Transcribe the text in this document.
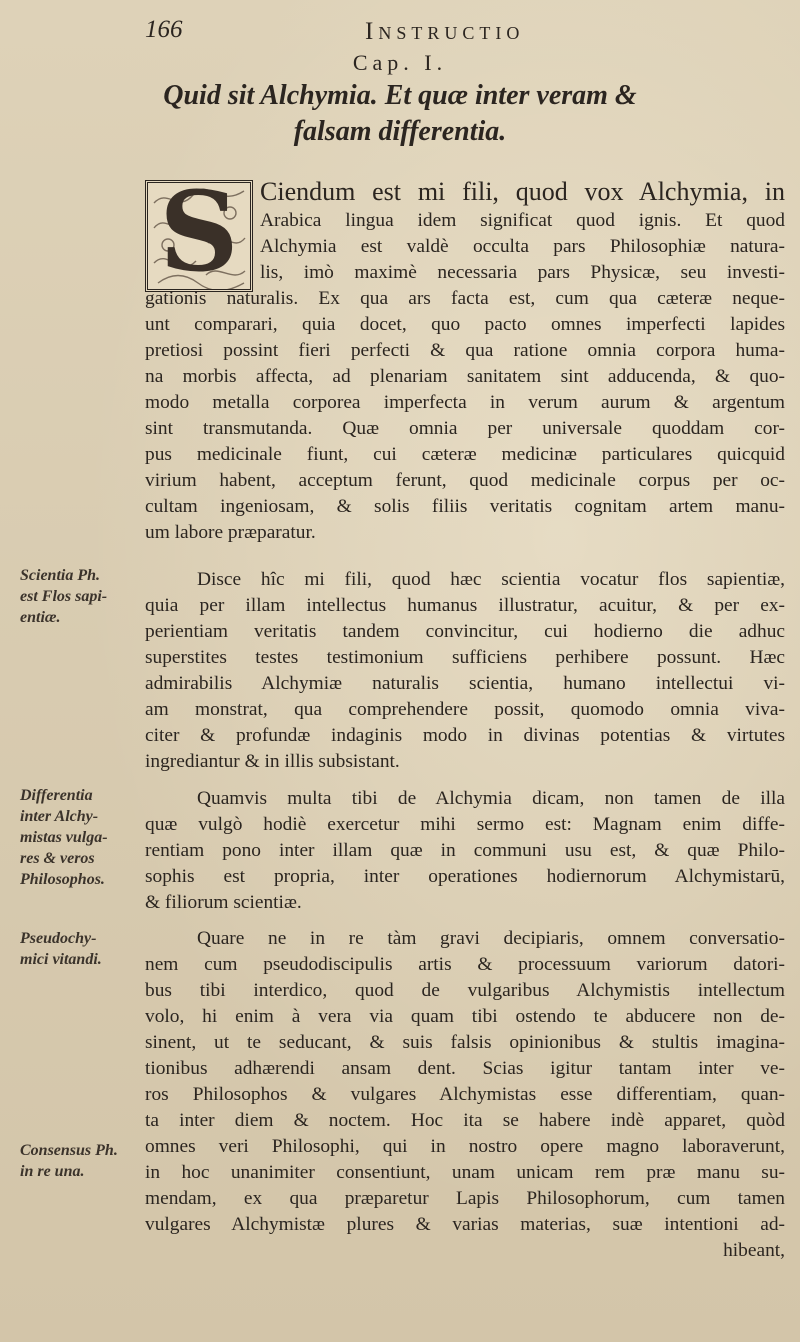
166	Instructio
Cap. I.
Quid sit Alchymia. Et quæ inter veram &
falsam differentia.
S Ciendum est mi fili, quod vox Alchymia, in
Arabica lingua idem significat quod ignis. Et quod
Alchymia est valdè occulta pars Philosophiæ natura-
lis, imò maximè necessaria pars Physicæ, seu investi-
gationis naturalis. Ex qua ars facta est, cum qua cæteræ neque-
unt comparari, quia docet, quo pacto omnes imperfecti lapides
pretiosi possint fieri perfecti & qua ratione omnia corpora huma-
na morbis affecta, ad plenariam sanitatem sint adducenda, & quo-
modo metalla corporea imperfecta in verum aurum & argentum
sint transmutanda. Quæ omnia per universale quoddam cor-
pus medicinale fiunt, cui cæteræ medicinæ particulares quicquid
virium habent, acceptum ferunt, quod medicinale corpus per oc-
cultam ingeniosam, & solis filiis veritatis cognitam artem manu-
um labore præparatur.
Disce hîc mi fili, quod hæc scientia vocatur flos sapientiæ,
quia per illam intellectus humanus illustratur, acuitur, & per ex-
perientiam veritatis tandem convincitur, cui hodierno die adhuc
superstites testes testimonium sufficiens perhibere possunt. Hæc
admirabilis Alchymiæ naturalis scientia, humano intellectui vi-
am monstrat, qua comprehendere possit, quomodo omnia viva-
citer & profundæ indaginis modo in divinas potentias & virtutes
ingrediantur & in illis subsistant.
Quamvis multa tibi de Alchymia dicam, non tamen de illa
quæ vulgò hodiè exercetur mihi sermo est: Magnam enim diffe-
rentiam pono inter illam quæ in communi usu est, & quæ Philo-
sophis est propria, inter operationes hodiernorum Alchymistarū,
& filiorum scientiæ.
Quare ne in re tàm gravi decipiaris, omnem conversatio-
nem cum pseudodiscipulis artis & processuum variorum datori-
bus tibi interdico, quod de vulgaribus Alchymistis intellectum
volo, hi enim à vera via quam tibi ostendo te abducere non de-
sinent, ut te seducant, & suis falsis opinionibus & stultis imagina-
tionibus adhærendi ansam dent. Scias igitur tantam inter ve-
ros Philosophos & vulgares Alchymistas esse differentiam, quan-
ta inter diem & noctem. Hoc ita se habere indè apparet, quòd
omnes veri Philosophi, qui in nostro opere magno laboraverunt,
in hoc unanimiter consentiunt, unam unicam rem præ manu su-
mendam, ex qua præparetur Lapis Philosophorum, cum tamen
vulgares Alchymistæ plures & varias materias, suæ intentioni ad-
hibeant,
Scientia Ph.
est Flos sapi-
entiæ.
Differentia
inter Alchy-
mistas vulga-
res & veros
Philosophos.
Pseudochy-
mici vitandi.
Consensus Ph.
in re una.
